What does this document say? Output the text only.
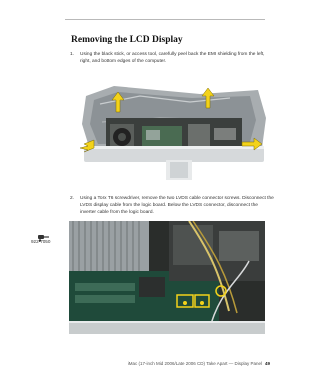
Removing the LCD Display
1. Using the black stick, or access tool, carefully peel back the EMI shielding from the left, right, and bottom edges of the computer.
2. Using a Torx T6 screwdriver, remove the two LVDS cable connector screws. Disconnect the LVDS display cable from the logic board. Below the LVDS connector, disconnect the inverter cable from the logic board.
922-7050
iMac (17-inch Mid 2006/Late 2006 CD) Take Apart — Display Panel 49
